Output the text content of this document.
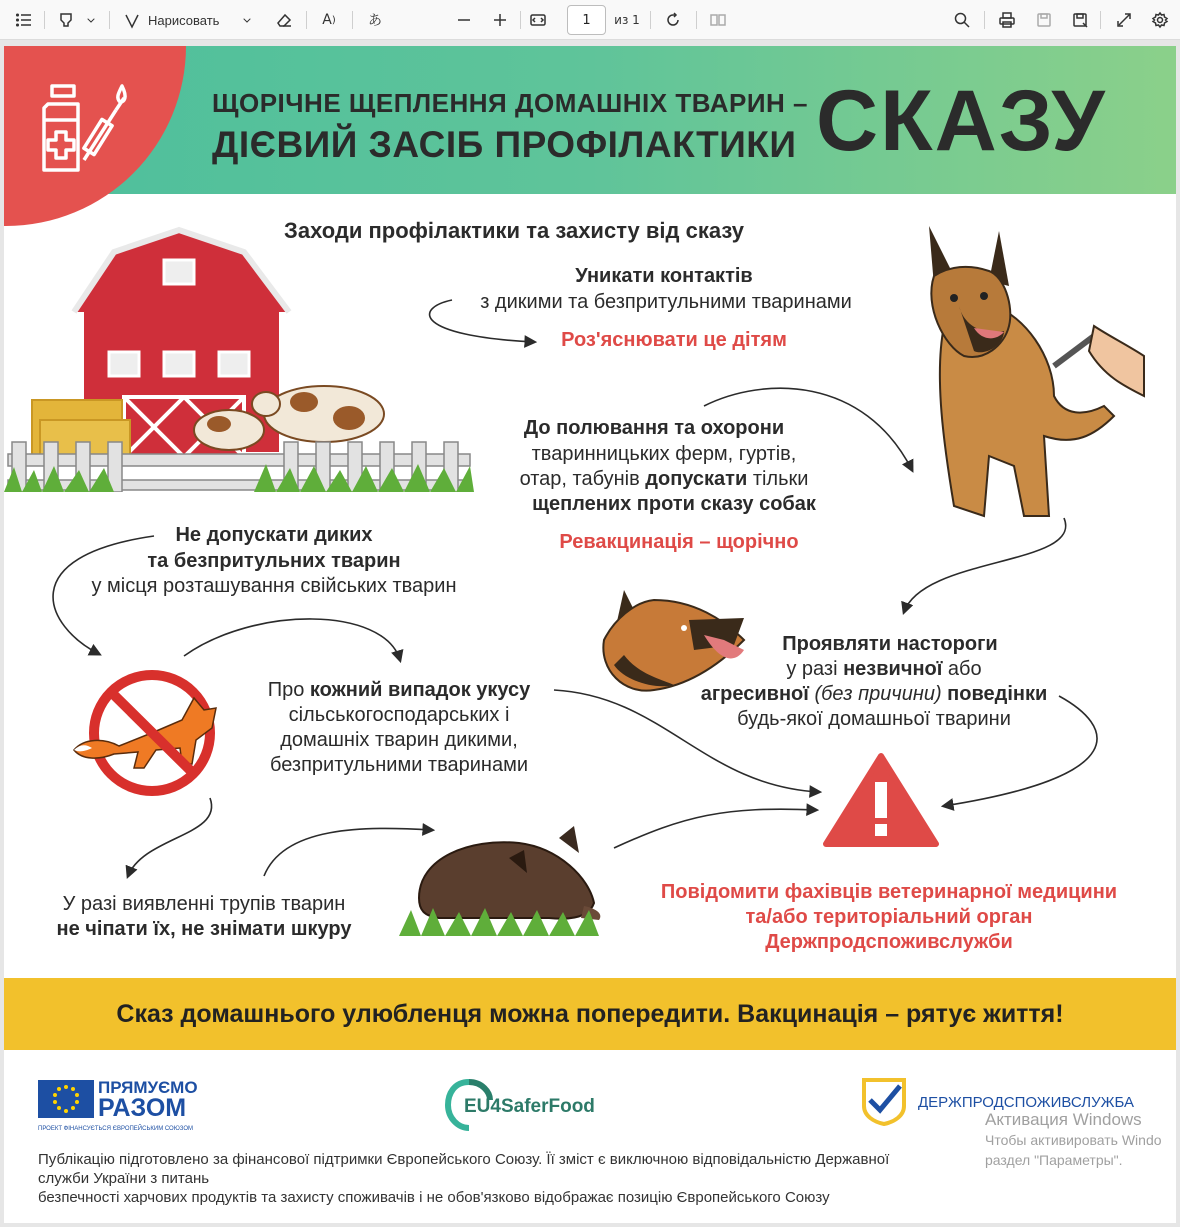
Нарисовать	A )	あ
1	из 1
ЩОРІЧНЕ ЩЕПЛЕННЯ ДОМАШНІХ ТВАРИН –
ДІЄВИЙ ЗАСІБ ПРОФІЛАКТИКИ СКАЗУ
Заходи профілактики та захисту від сказу
Уникати контактів
з дикими та безпритульними тваринами
Роз'яснювати це дітям
До полювання та охорони
тваринницьких ферм, гуртів,
отар, табунів допускати тільки
щеплених проти сказу собак
Ревакцинація – щорічно
Не допускати диких
та безпритульних тварин
у місця розташування свійських тварин
Проявляти настороги
у разі незвичної або
агресивної (без причини) поведінки
будь-якої домашньої тварини
Про кожний випадок укусу
сільськогосподарських і
домашніх тварин дикими,
безпритульними тваринами
У разі виявленні трупів тварин
не чіпати їх, не знімати шкуру
Повідомити фахівців ветеринарної медицини
та/або територіальний орган
Держпродспоживслужби
Сказ домашнього улюбленця можна попередити. Вакцинація – рятує життя!
ПРЯМУЄМО
РАЗОМ
ПРОЕКТ ФІНАНСУЄТЬСЯ ЄВРОПЕЙСЬКИМ СОЮЗОМ
EU4SaferFood	ДЕРЖПРОДСПОЖИВСЛУЖБА
Публікацію підготовлено за фінансової підтримки Європейського Союзу. Її зміст є виключною відповідальністю Державної служби України з питань
безпечності харчових продуктів та захисту споживачів і не обов'язково відображає позицію Європейського Союзу
Активация Windows
Чтобы активировать Windo
раздел "Параметры".
